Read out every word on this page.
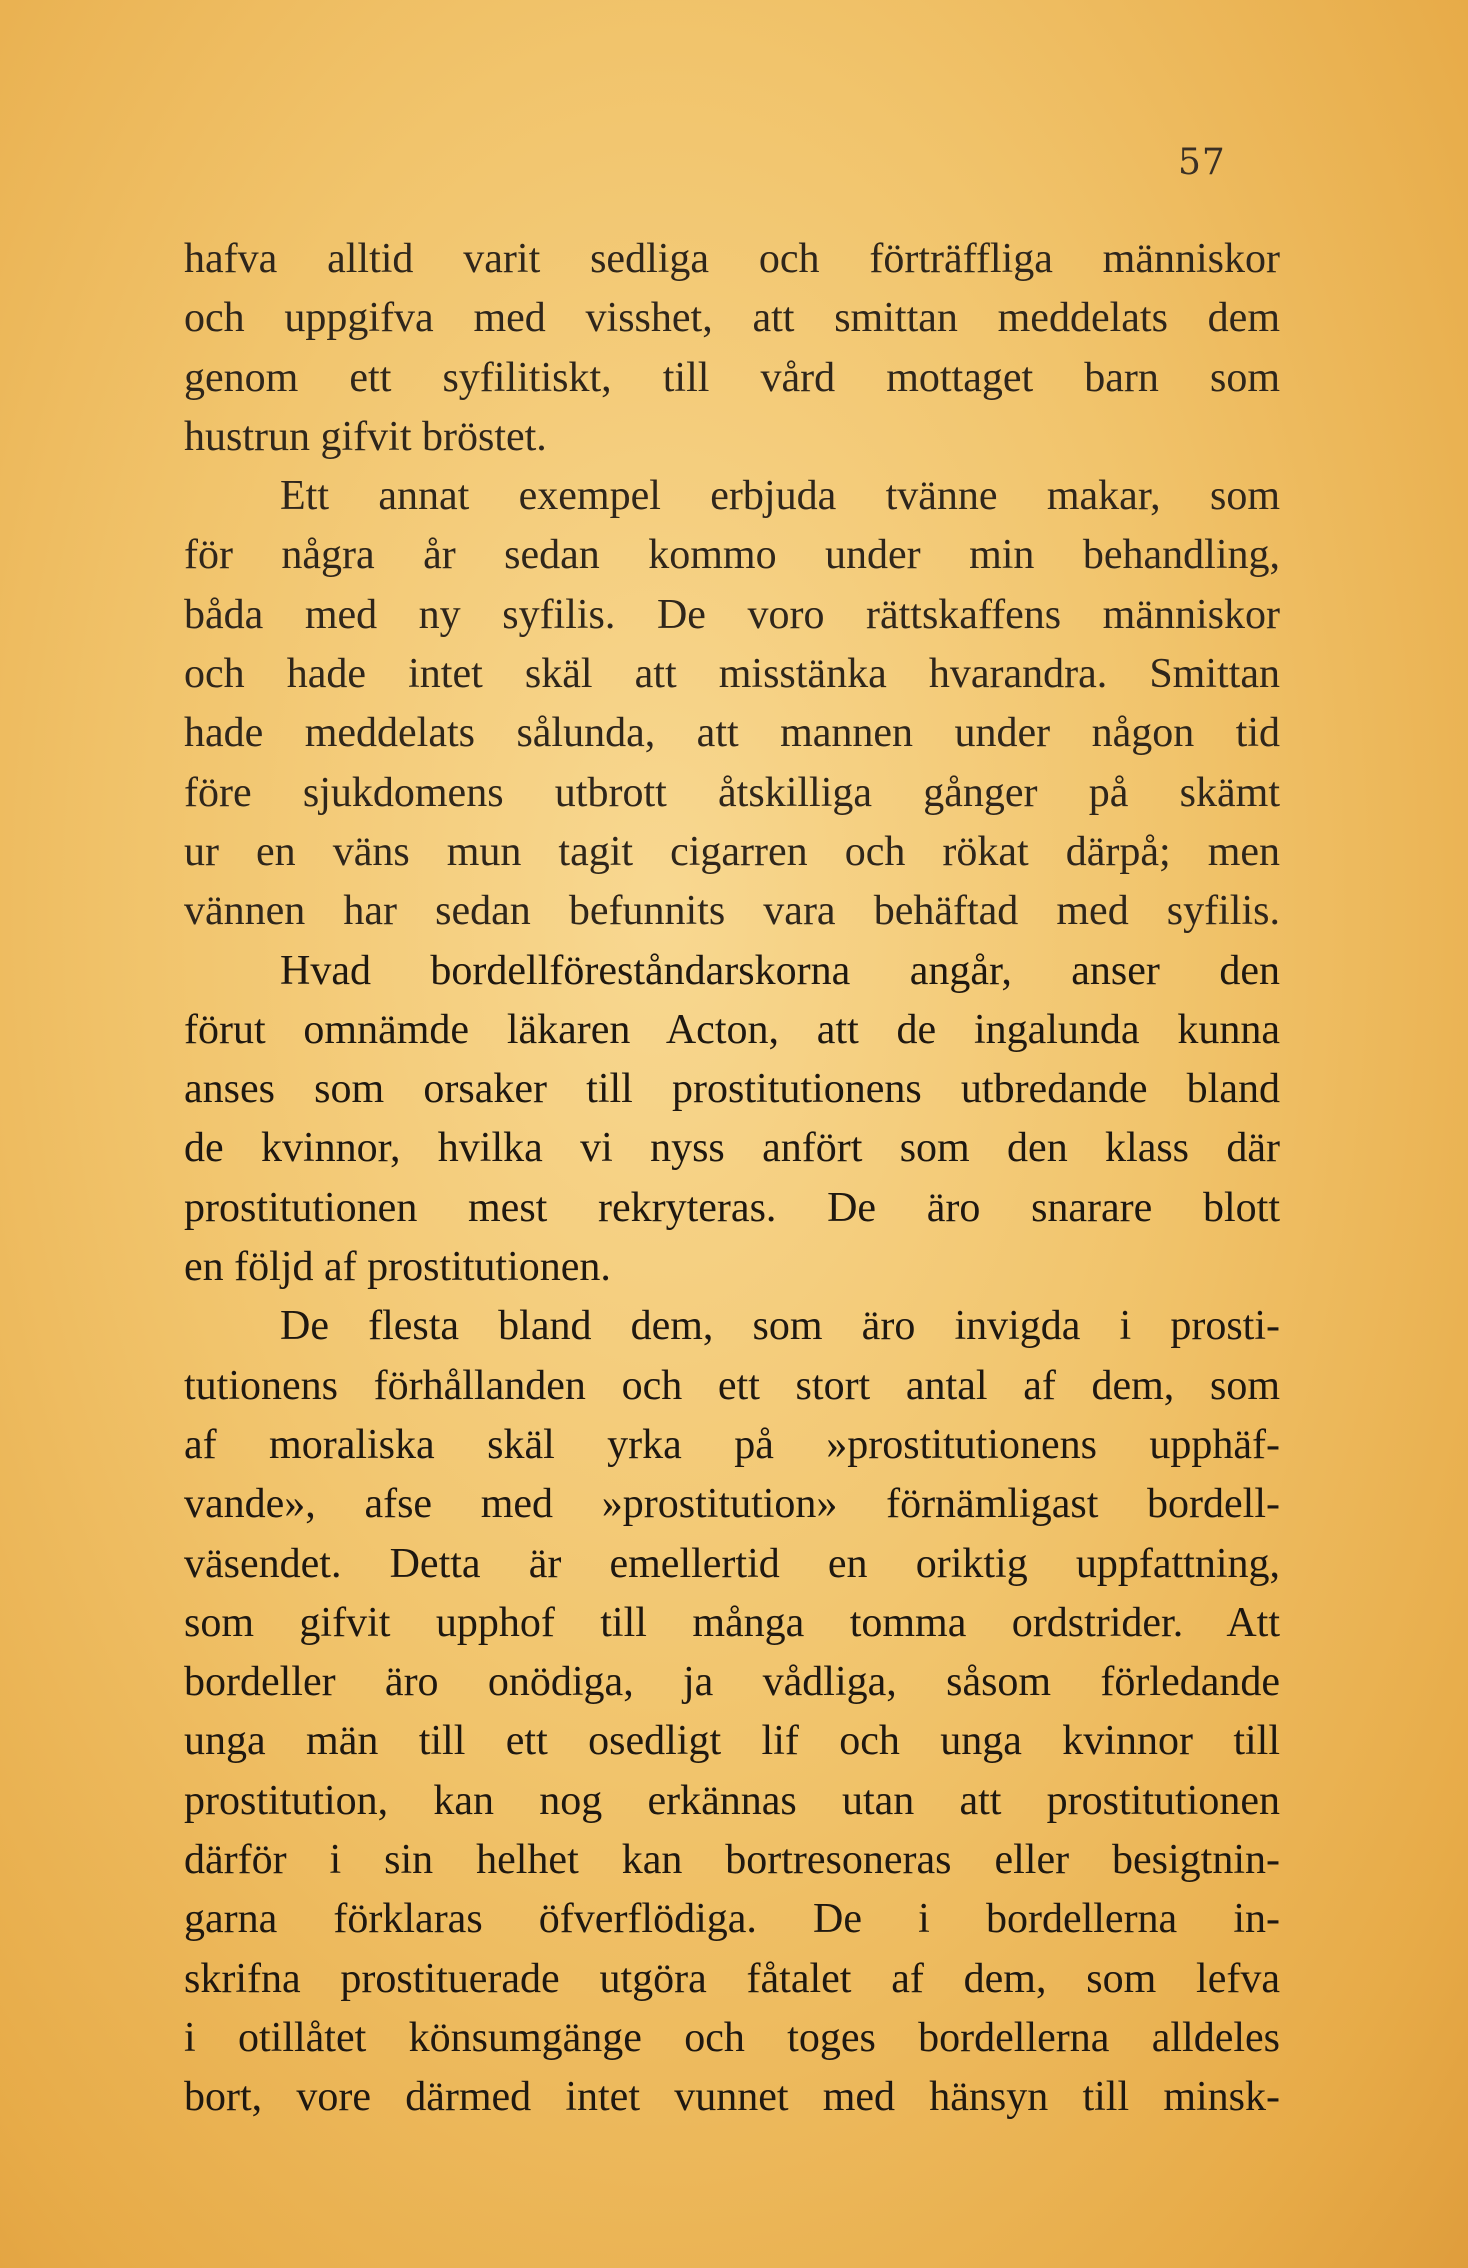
57
hafva alltid varit sedliga och förträffliga människor
och uppgifva med visshet, att smittan meddelats dem
genom ett syfilitiskt, till vård mottaget barn som
hustrun gifvit bröstet.
Ett annat exempel erbjuda tvänne makar, som
för några år sedan kommo under min behandling,
båda med ny syfilis. De voro rättskaffens människor
och hade intet skäl att misstänka hvarandra. Smittan
hade meddelats sålunda, att mannen under någon tid
före sjukdomens utbrott åtskilliga gånger på skämt
ur en väns mun tagit cigarren och rökat därpå; men
vännen har sedan befunnits vara behäftad med syfilis.
Hvad bordellföreståndarskorna angår, anser den
förut omnämde läkaren Acton, att de ingalunda kunna
anses som orsaker till prostitutionens utbredande bland
de kvinnor, hvilka vi nyss anfört som den klass där
prostitutionen mest rekryteras. De äro snarare blott
en följd af prostitutionen.
De flesta bland dem, som äro invigda i prosti-
tutionens förhållanden och ett stort antal af dem, som
af moraliska skäl yrka på »prostitutionens upphäf-
vande», afse med »prostitution» förnämligast bordell-
väsendet. Detta är emellertid en oriktig uppfattning,
som gifvit upphof till många tomma ordstrider. Att
bordeller äro onödiga, ja vådliga, såsom förledande
unga män till ett osedligt lif och unga kvinnor till
prostitution, kan nog erkännas utan att prostitutionen
därför i sin helhet kan bortresoneras eller besigtnin-
garna förklaras öfverflödiga. De i bordellerna in-
skrifna prostituerade utgöra fåtalet af dem, som lefva
i otillåtet könsumgänge och toges bordellerna alldeles
bort, vore därmed intet vunnet med hänsyn till minsk-
